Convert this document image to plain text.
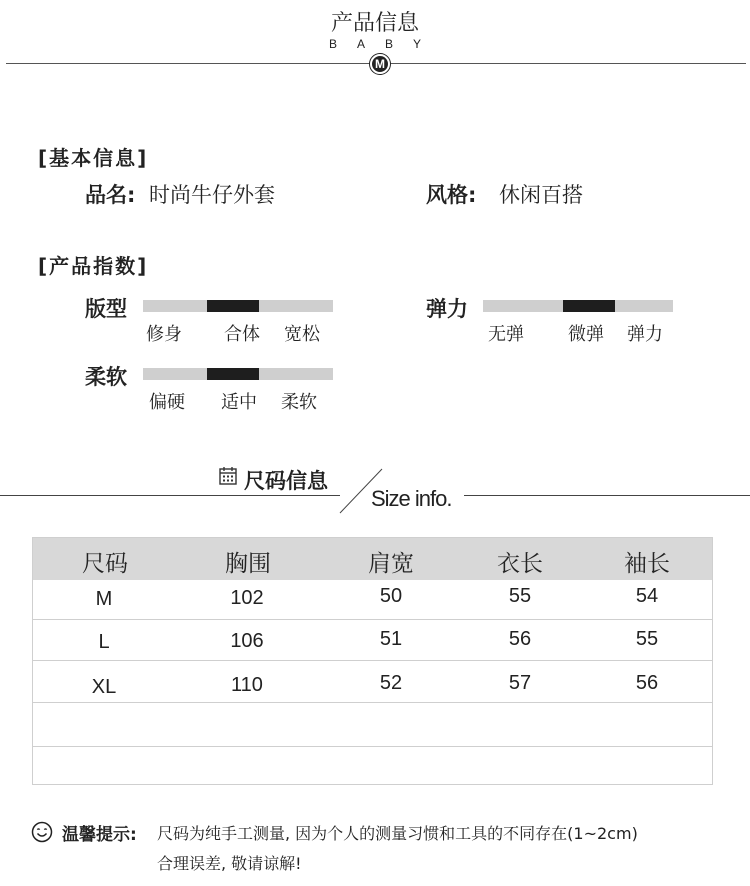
产品信息
BABY
M
[基本信息]
品名: 时尚牛仔外套	风格: 休闲百搭
[产品指数]
版型
修身 合体 宽松
弹力
无弹 微弹 弹力
柔软
偏硬 适中 柔软
尺码信息
Size info.
尺码	胸围	肩宽	衣长	袖长
M	102	50	55	54
L	106	51	56	55
XL	110	52	57	56
温馨提示: 尺码为纯手工测量, 因为个人的测量习惯和工具的不同存在(1~2cm)
合理误差, 敬请谅解!
